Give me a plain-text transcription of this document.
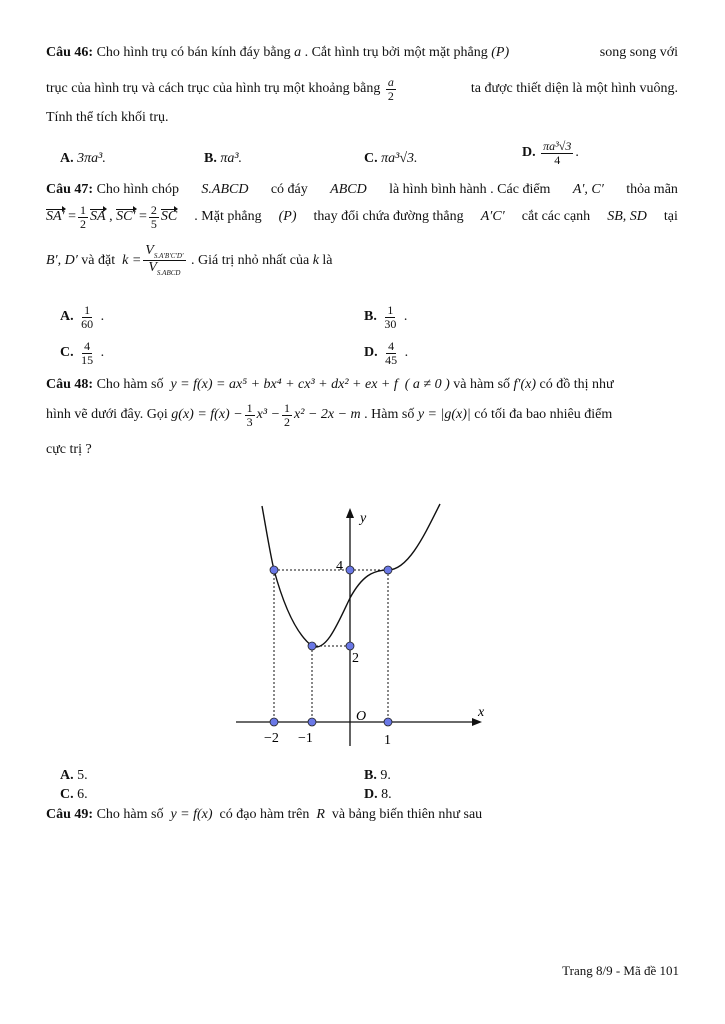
Câu 46: Cho hình trụ có bán kính đáy bằng a . Cắt hình trụ bởi một mặt phẳng (P)	song song với
trục của hình trụ và cách trục của hình trụ một khoảng bằng
$\frac{a}{2}$	ta được thiết diện là một hình vuông.
Tính thể tích khối trụ.
A. 3πa³.	B. πa³.	C. πa³√3.	D.
$\frac{\text{πa³√3}}{4}$ .
Câu 47: Cho hình chóp S.ABCD có đáy ABCD là hình bình hành . Các điểm A′, C′ thỏa mãn
$SA' = \frac{1}{2}$ SA , $SC' = \frac{2}{5}$ SC . Mặt phẳng (P) thay đổi chứa đường thẳng A′C′ cắt các cạnh SB, SD tại
B′, D′
và đặt
$k = \frac{V_{S.A'B'C'D'}}{V_{S.ABCD}}$
. Giá trị nhỏ nhất của
k
là
A.
$\frac{1}{60}$
.	B.
$\frac{1}{30}$
.
C.
$\frac{4}{15}$
.	D.
$\frac{4}{45}$
.
Câu 48: Cho hàm số y = f(x) = ax⁵ + bx⁴ + cx³ + dx² + ex + f ( a ≠ 0 ) và hàm số f′(x) có đồ thị như
hình vẽ dưới đây. Gọi
$g(x) = f(x) - \frac{1}{3} x^3 - \frac{1}{2} x^2 - 2x - m$
. Hàm số
y = |g(x)|
có tối đa bao nhiêu điểm
cực trị ?
y
x
O
4
2
−2 −1	1
A. 5.	B. 9.
C. 6.	D. 8.
Câu 49: Cho hàm số y = f(x) có đạo hàm trên R và bảng biến thiên như sau
Trang 8/9 - Mã đề 101
